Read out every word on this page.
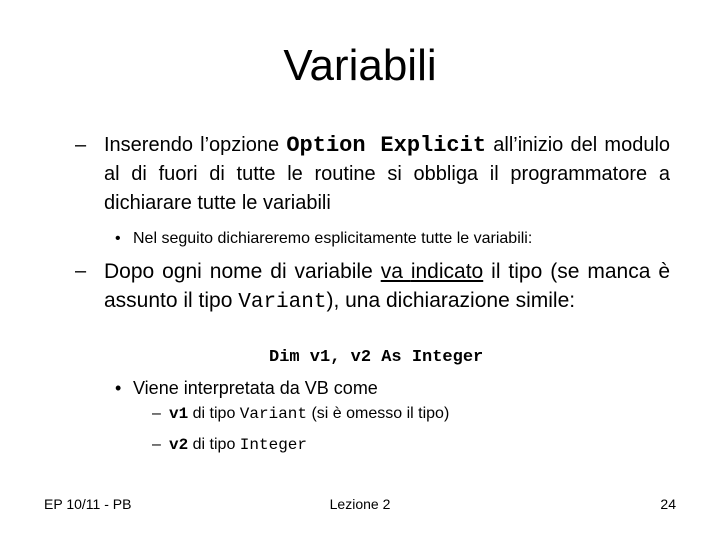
Variabili
– Inserendo l’opzione Option Explicit all’inizio del modulo al di fuori di tutte le routine si obbliga il programmatore a dichiarare tutte le variabili
• Nel seguito dichiareremo esplicitamente tutte le variabili:
– Dopo ogni nome di variabile va indicato il tipo (se manca è assunto il tipo Variant), una dichiarazione simile:
Dim v1, v2 As Integer
• Viene interpretata da VB come
– v1 di tipo Variant (si è omesso il tipo)
– v2 di tipo Integer
EP 10/11 - PB	Lezione 2	24
